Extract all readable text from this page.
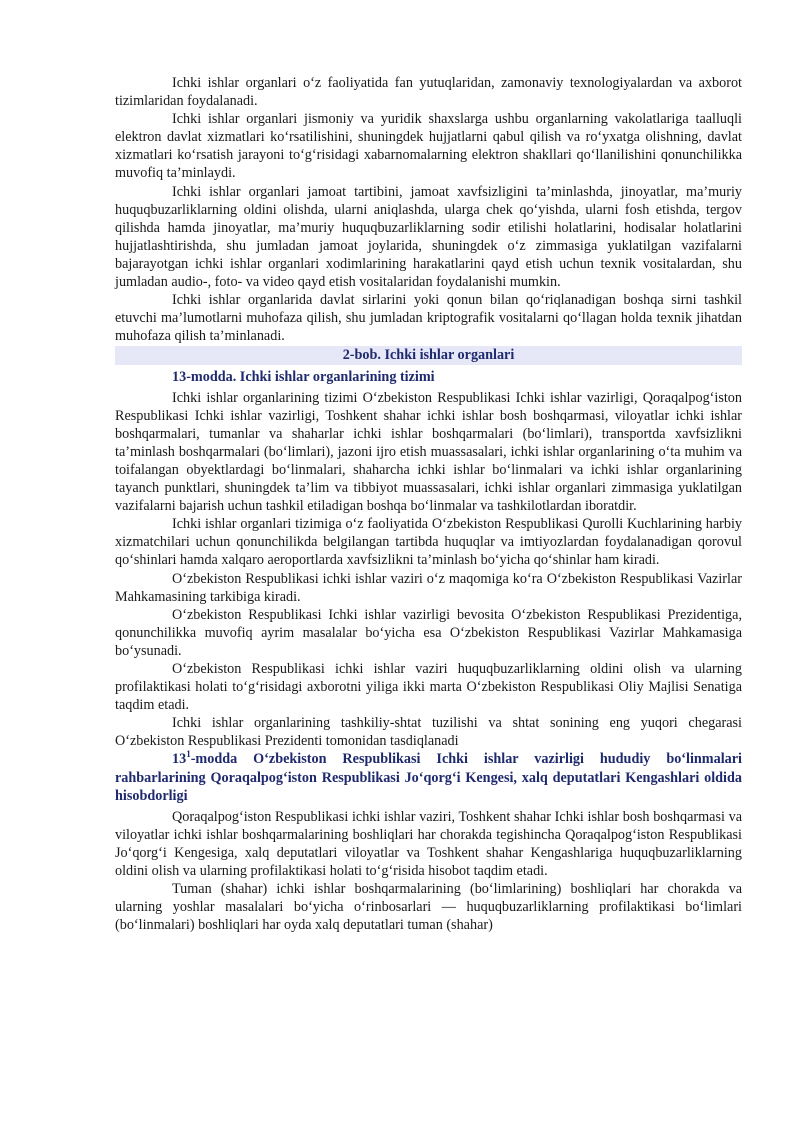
Ichki ishlar organlari o‘z faoliyatida fan yutuqlaridan, zamonaviy texnologiyalardan va axborot tizimlaridan foydalanadi.

Ichki ishlar organlari jismoniy va yuridik shaxslarga ushbu organlarning vakolatlariga taalluqli elektron davlat xizmatlari ko‘rsatilishini, shuningdek hujjatlarni qabul qilish va ro‘yxatga olishning, davlat xizmatlari ko‘rsatish jarayoni to‘g‘risidagi xabarnomalarning elektron shakllari qo‘llanilishini qonunchilikka muvofiq ta’minlaydi.

Ichki ishlar organlari jamoat tartibini, jamoat xavfsizligini ta’minlashda, jinoyatlar, ma’muriy huquqbuzarliklarning oldini olishda, ularni aniqlashda, ularga chek qo‘yishda, ularni fosh etishda, tergov qilishda hamda jinoyatlar, ma’muriy huquqbuzarliklarning sodir etilishi holatlarini, hodisalar holatlarini hujjatlashtirishda, shu jumladan jamoat joylarida, shuningdek o‘z zimmasiga yuklatilgan vazifalarni bajarayotgan ichki ishlar organlari xodimlarining harakatlarini qayd etish uchun texnik vositalardan, shu jumladan audio-, foto- va video qayd etish vositalaridan foydalanishi mumkin.

Ichki ishlar organlarida davlat sirlarini yoki qonun bilan qo‘riqlanadigan boshqa sirni tashkil etuvchi ma’lumotlarni muhofaza qilish, shu jumladan kriptografik vositalarni qo‘llagan holda texnik jihatdan muhofaza qilish ta’minlanadi.

2-bob. Ichki ishlar organlari
13-modda. Ichki ishlar organlarining tizimi

Ichki ishlar organlarining tizimi O‘zbekiston Respublikasi Ichki ishlar vazirligi, Qoraqalpog‘iston Respublikasi Ichki ishlar vazirligi, Toshkent shahar ichki ishlar bosh boshqarmasi, viloyatlar ichki ishlar boshqarmalari, tumanlar va shaharlar ichki ishlar boshqarmalari (bo‘limlari), transportda xavfsizlikni ta’minlash boshqarmalari (bo‘limlari), jazoni ijro etish muassasalari, ichki ishlar organlarining o‘ta muhim va toifalangan obyektlardagi bo‘linmalari, shaharcha ichki ishlar bo‘linmalari va ichki ishlar organlarining tayanch punktlari, shuningdek ta’lim va tibbiyot muassasalari, ichki ishlar organlari zimmasiga yuklatilgan vazifalarni bajarish uchun tashkil etiladigan boshqa bo‘linmalar va tashkilotlardan iboratdir.

Ichki ishlar organlari tizimiga o‘z faoliyatida O‘zbekiston Respublikasi Qurolli Kuchlarining harbiy xizmatchilari uchun qonunchilikda belgilangan tartibda huquqlar va imtiyozlardan foydalanadigan qorovul qo‘shinlari hamda xalqaro aeroportlarda xavfsizlikni ta’minlash bo‘yicha qo‘shinlar ham kiradi.

O‘zbekiston Respublikasi ichki ishlar vaziri o‘z maqomiga ko‘ra O‘zbekiston Respublikasi Vazirlar Mahkamasining tarkibiga kiradi.

O‘zbekiston Respublikasi Ichki ishlar vazirligi bevosita O‘zbekiston Respublikasi Prezidentiga, qonunchilikka muvofiq ayrim masalalar bo‘yicha esa O‘zbekiston Respublikasi Vazirlar Mahkamasiga bo‘ysunadi.

O‘zbekiston Respublikasi ichki ishlar vaziri huquqbuzarliklarning oldini olish va ularning profilaktikasi holati to‘g‘risidagi axborotni yiliga ikki marta O‘zbekiston Respublikasi Oliy Majlisi Senatiga taqdim etadi.

Ichki ishlar organlarining tashkiliy-shtat tuzilishi va shtat sonining eng yuqori chegarasi O‘zbekiston Respublikasi Prezidenti tomonidan tasdiqlanadi

$13^1$-modda O‘zbekiston Respublikasi Ichki ishlar vazirligi hududiy bo‘linmalari rahbarlarining Qoraqalpog‘iston Respublikasi Jo‘qorg‘i Kengesi, xalq deputatlari Kengashlari oldida hisobdorligi

Qoraqalpog‘iston Respublikasi ichki ishlar vaziri, Toshkent shahar Ichki ishlar bosh boshqarmasi va viloyatlar ichki ishlar boshqarmalarining boshliqlari har chorakda tegishincha Qoraqalpog‘iston Respublikasi Jo‘qorg‘i Kengesiga, xalq deputatlari viloyatlar va Toshkent shahar Kengashlariga huquqbuzarliklarning oldini olish va ularning profilaktikasi holati to‘g‘risida hisobot taqdim etadi.

Tuman (shahar) ichki ishlar boshqarmalarining (bo‘limlarining) boshliqlari har chorakda va ularning yoshlar masalalari bo‘yicha o‘rinbosarlari — huquqbuzarliklarning profilaktikasi bo‘limlari (bo‘linmalari) boshliqlari har oyda xalq deputatlari tuman (shahar)
